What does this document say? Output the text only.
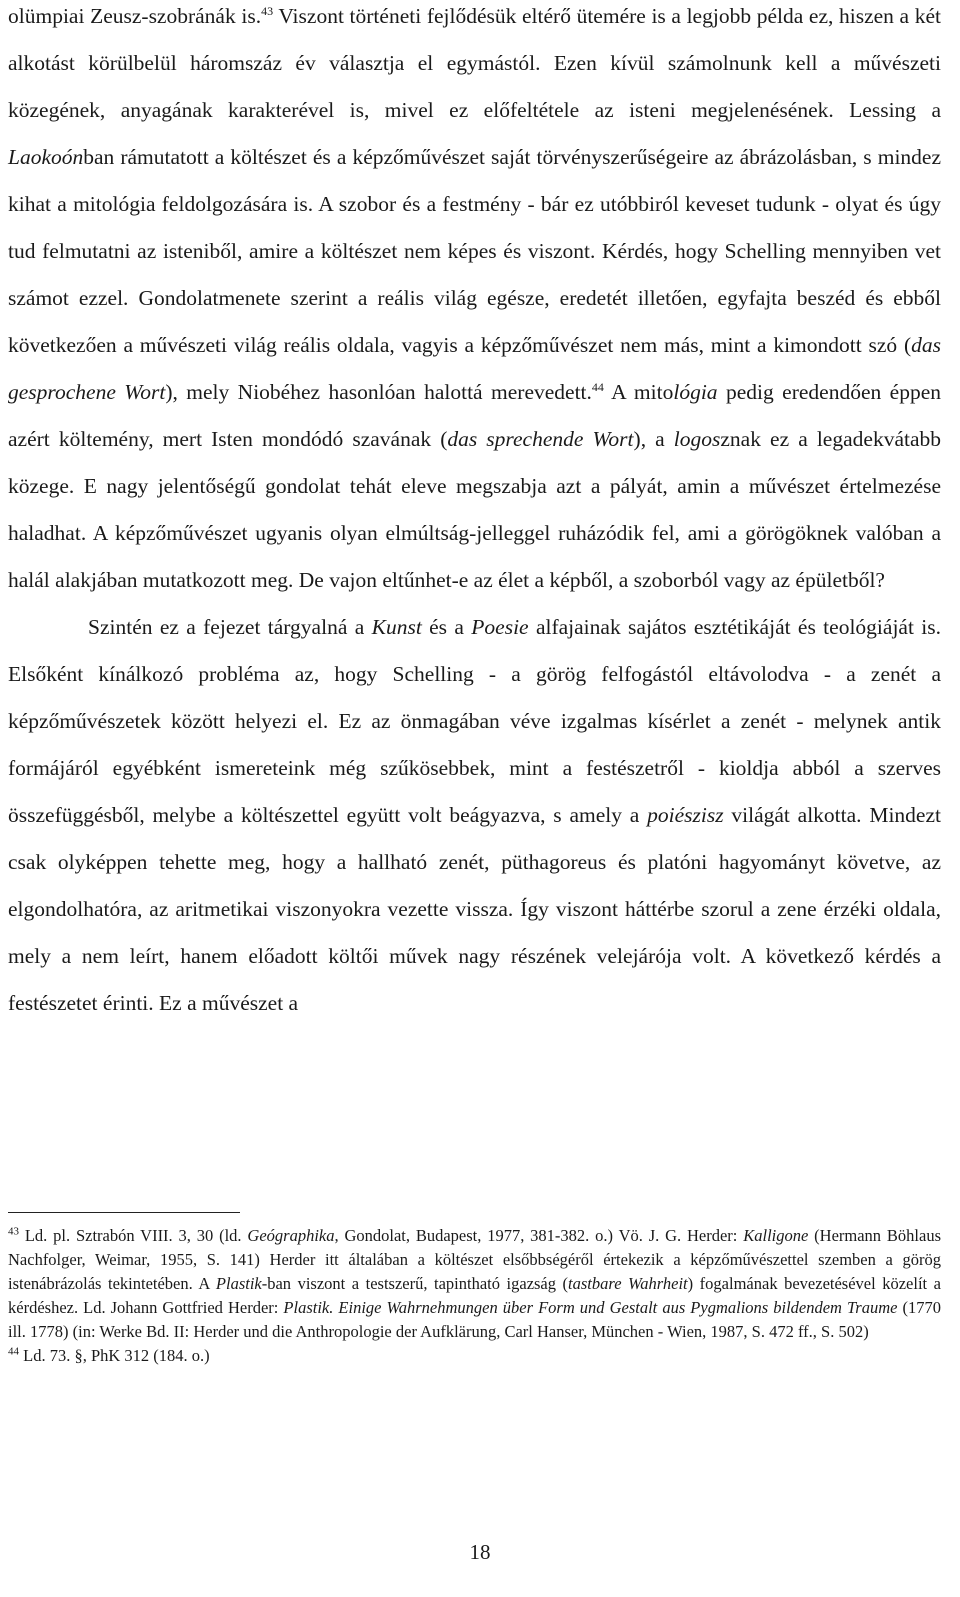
olümpiai Zeusz-szobránák is.$^{43}$ Viszont történeti fejlődésük eltérő ütemére is a legjobb példa ez, hiszen a két alkotást körülbelül háromszáz év választja el egymástól. Ezen kívül számolnunk kell a művészeti közegének, anyagának karakterével is, mivel ez előfeltétele az isteni megjelenésének. Lessing a Laokoónban rámutatott a költészet és a képzőművészet saját törvényszerűségeire az ábrázolásban, s mindez kihat a mitológia feldolgozására is. A szobor és a festmény - bár ez utóbbiról keveset tudunk - olyat és úgy tud felmutatni az isteniből, amire a költészet nem képes és viszont. Kérdés, hogy Schelling mennyiben vet számot ezzel. Gondolatmenete szerint a reális világ egésze, eredetét illetően, egyfajta beszéd és ebből következően a művészeti világ reális oldala, vagyis a képzőművészet nem más, mint a kimondott szó (das gesprochene Wort), mely Niobéhez hasonlóan halottá merevedett.$^{44}$ A mitológia pedig eredendően éppen azért költemény, mert Isten mondódó szavának (das sprechende Wort), a logosznak ez a legadekvátabb közege. E nagy jelentőségű gondolat tehát eleve megszabja azt a pályát, amin a művészet értelmezése haladhat. A képzőművészet ugyanis olyan elmúltság-jelleggel ruházódik fel, ami a görögöknek valóban a halál alakjában mutatkozott meg. De vajon eltűnhet-e az élet a képből, a szoborból vagy az épületből?

Szintén ez a fejezet tárgyalná a Kunst és a Poesie alfajainak sajátos esztétikáját és teológiáját is. Elsőként kínálkozó probléma az, hogy Schelling - a görög felfogástól eltávolodva - a zenét a képzőművészetek között helyezi el. Ez az önmagában véve izgalmas kísérlet a zenét - melynek antik formájáról egyébként ismereteink még szűkösebbek, mint a festészetről - kioldja abból a szerves összefüggésből, melybe a költészettel együtt volt beágyazva, s amely a poiészisz világát alkotta. Mindezt csak olyképpen tehette meg, hogy a hallható zenét, püthagoreus és platóni hagyományt követve, az elgondolhatóra, az aritmetikai viszonyokra vezette vissza. Így viszont háttérbe szorul a zene érzéki oldala, mely a nem leírt, hanem előadott költői művek nagy részének velejárója volt. A következő kérdés a festészetet érinti. Ez a művészet a

$^{43}$ Ld. pl. Sztrabón VIII. 3, 30 (ld. Geógraphika, Gondolat, Budapest, 1977, 381-382. o.) Vö. J. G. Herder: Kalligone (Hermann Böhlaus Nachfolger, Weimar, 1955, S. 141) Herder itt általában a költészet elsőbbségéről értekezik a képzőművészettel szemben a görög istenábrázolás tekintetében. A Plastik-ban viszont a testszerű, tapintható igazság (tastbare Wahrheit) fogalmának bevezetésével közelít a kérdéshez. Ld. Johann Gottfried Herder: Plastik. Einige Wahrnehmungen über Form und Gestalt aus Pygmalions bildendem Traume (1770 ill. 1778) (in: Werke Bd. II: Herder und die Anthropologie der Aufklärung, Carl Hanser, München - Wien, 1987, S. 472 ff., S. 502)

$^{44}$ Ld. 73. §, PhK 312 (184. o.)

18
